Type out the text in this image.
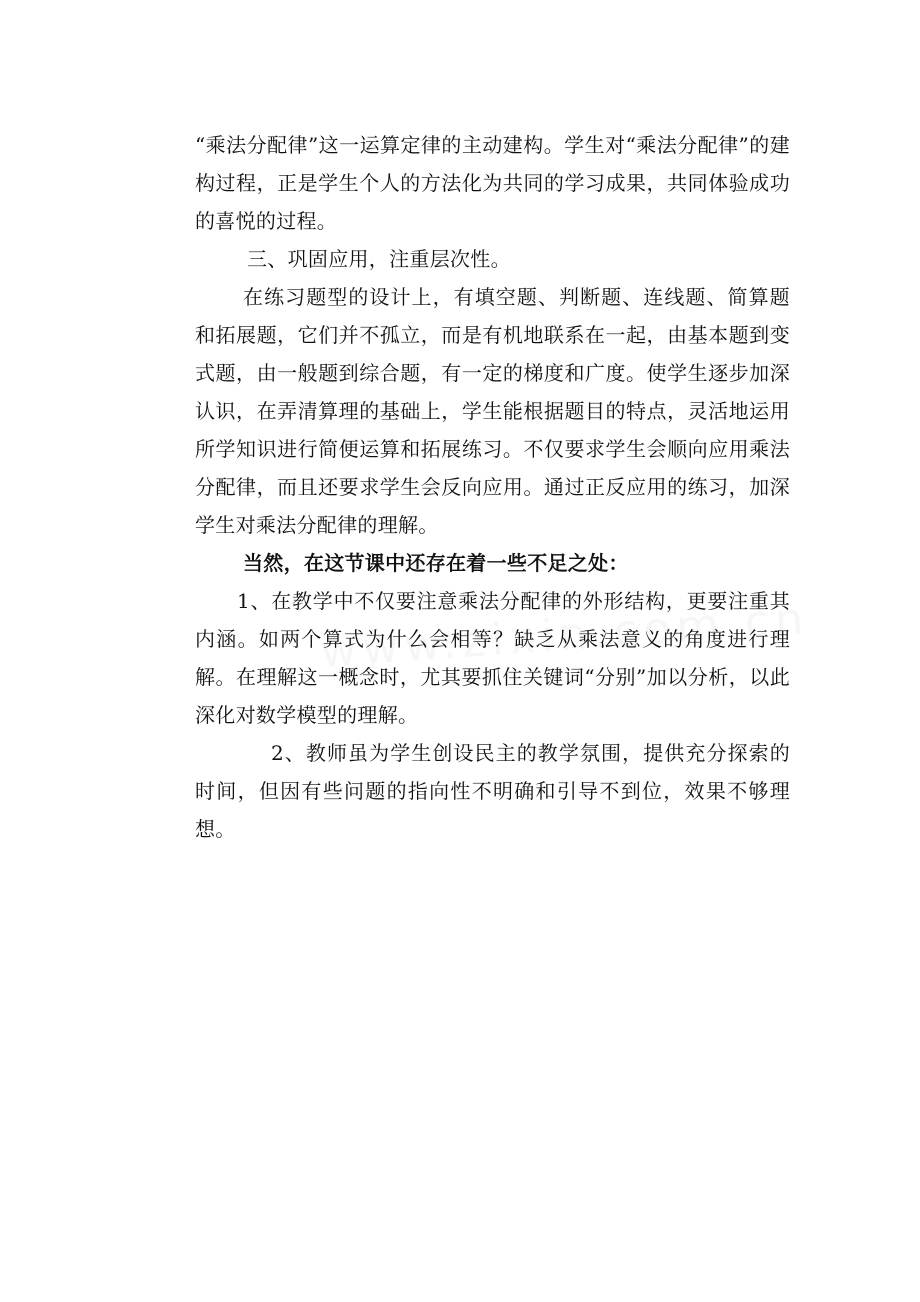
“乘法分配律”这一运算定律的主动建构。学生对“乘法分配律”的建构过程，正是学生个人的方法化为共同的学习成果，共同体验成功的喜悦的过程。

三、巩固应用，注重层次性。

在练习题型的设计上，有填空题、判断题、连线题、简算题和拓展题，它们并不孤立，而是有机地联系在一起，由基本题到变式题，由一般题到综合题，有一定的梯度和广度。使学生逐步加深认识，在弄清算理的基础上，学生能根据题目的特点，灵活地运用所学知识进行简便运算和拓展练习。不仅要求学生会顺向应用乘法分配律，而且还要求学生会反向应用。通过正反应用的练习，加深学生对乘法分配律的理解。

当然，在这节课中还存在着一些不足之处：

1、在教学中不仅要注意乘法分配律的外形结构，更要注重其内涵。如两个算式为什么会相等？缺乏从乘法意义的角度进行理解。在理解这一概念时，尤其要抓住关键词“分别”加以分析，以此深化对数学模型的理解。

2、教师虽为学生创设民主的教学氛围，提供充分探索的时间，但因有些问题的指向性不明确和引导不到位，效果不够理想。
